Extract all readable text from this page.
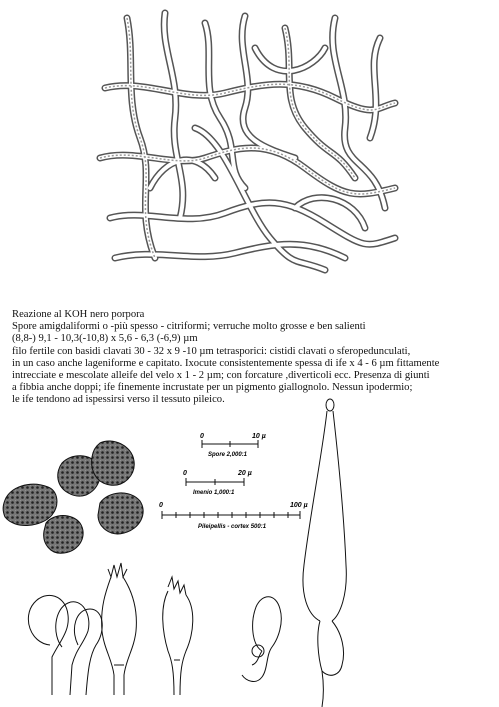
Reazione al KOH nero porpora

Spore amigdaliformi o -più spesso - citriformi; verruche molto grosse e ben salienti

(8,8-) 9,1 - 10,3(-10,8) x 5,6 - 6,3 (-6,9) µm

filo fertile con basidi clavati 30 - 32 x 9 -10 µm tetrasporici: cistidi clavati o sferopedunculati,

in un caso anche lageniforme e capitato. Ixocute consistentemente spessa di ife x 4 - 6 µm fittamente

intrecciate e mescolate alleife del velo x 1 - 2 µm; con forcature ,diverticoli ecc. Presenza di giunti

a fibbia anche doppi; ife finemente incrustate per un pigmento giallognolo. Nessun ipodermio;

le ife tendono ad ispessirsi verso il tessuto pileico.

0	10 µ
Spore 2,000:1
0	20 µ
Imenio 1,000:1
0	100 µ
Pileipellis - cortex 500:1
